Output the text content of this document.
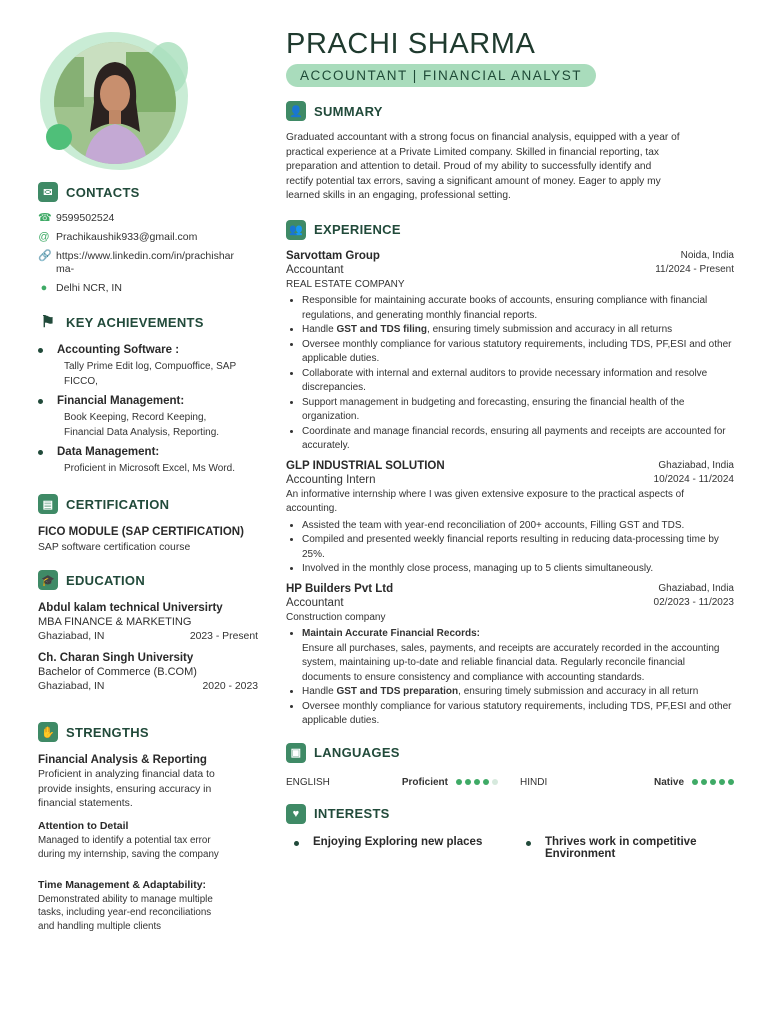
✉	CONTACTS
☎ 9599502524
@ Prachikaushik933@gmail.com
🔗 https://www.linkedin.com/in/prachishar
ma-
● Delhi NCR, IN
⚑ KEY ACHIEVEMENTS
Accounting Software :
Tally Prime Edit log, Compuoffice, SAP
FICCO,
Financial Management:
Book Keeping, Record Keeping,
Financial Data Analysis, Reporting.
Data Management:
Proficient in Microsoft Excel, Ms Word.
▤ CERTIFICATION
FICO MODULE (SAP CERTIFICATION)
SAP software certification course
🎓 EDUCATION
Abdul kalam technical Universirty
MBA FINANCE & MARKETING
Ghaziabad, IN	2023 - Present
Ch. Charan Singh University
Bachelor of Commerce (B.COM)
Ghaziabad, IN	2020 - 2023
✋ STRENGTHS
Financial Analysis & Reporting
Proficient in analyzing financial data to
provide insights, ensuring accuracy in
financial statements.
Attention to Detail
Managed to identify a potential tax error
during my internship, saving the company
Time Management & Adaptability:
Demonstrated ability to manage multiple
tasks, including year-end reconciliations
and handling multiple clients
PRACHI SHARMA
ACCOUNTANT | FINANCIAL ANALYST
👤 SUMMARY
Graduated accountant with a strong focus on financial analysis, equipped with a year of
practical experience at a Private Limited company. Skilled in financial reporting, tax
preparation and attention to detail. Proud of my ability to successfully identify and
rectify potential tax errors, saving a significant amount of money. Eager to apply my
learned skills in an engaging, professional setting.
👥 EXPERIENCE
Sarvottam Group	Noida, India
Accountant	11/2024 - Present
REAL ESTATE COMPANY
• Responsible for maintaining accurate books of accounts, ensuring compliance with financial regulations, and generating monthly financial reports.
• Handle GST and TDS filing, ensuring timely submission and accuracy in all returns
• Oversee monthly compliance for various statutory requirements, including TDS, PF,ESI and other applicable duties.
• Collaborate with internal and external auditors to provide necessary information and resolve discrepancies.
• Support management in budgeting and forecasting, ensuring the financial health of the organization.
• Coordinate and manage financial records, ensuring all payments and receipts are accounted for accurately.
GLP INDUSTRIAL SOLUTION	Ghaziabad, India
Accounting Intern	10/2024 - 11/2024
An informative internship where I was given extensive exposure to the practical aspects of accounting.
• Assisted the team with year-end reconciliation of 200+ accounts, Filling GST and TDS.
• Compiled and presented weekly financial reports resulting in reducing data-processing time by 25%.
• Involved in the monthly close process, managing up to 5 clients simultaneously.
HP Builders Pvt Ltd	Ghaziabad, India
Accountant	02/2023 - 11/2023
Construction company
• Maintain Accurate Financial Records:
Ensure all purchases, sales, payments, and receipts are accurately recorded in the accounting system, maintaining up-to-date and reliable financial data. Regularly reconcile financial documents to ensure consistency and compliance with accounting standards.
• Handle GST and TDS preparation, ensuring timely submission and accuracy in all return
• Oversee monthly compliance for various statutory requirements, including TDS, PF,ESI and other applicable duties.
▣ LANGUAGES
ENGLISH	Proficient	HINDI	Native
♥	INTERESTS
Enjoying Exploring new places	Thrives work in competitive
Environment
